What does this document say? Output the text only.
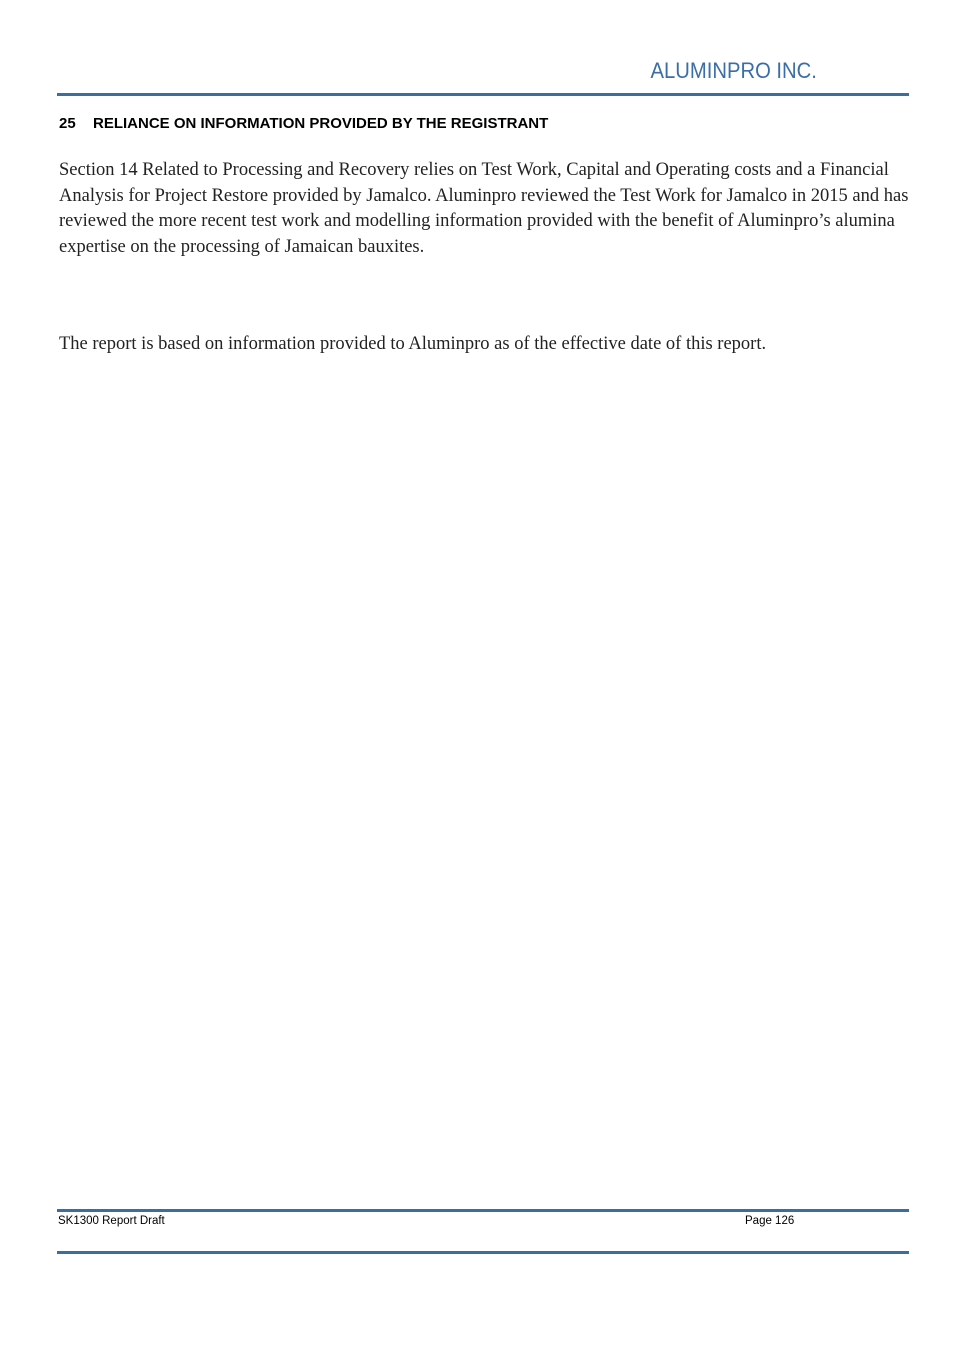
ALUMINPRO INC.
25 RELIANCE ON INFORMATION PROVIDED BY THE REGISTRANT

Section 14 Related to Processing and Recovery relies on Test Work, Capital and Operating costs and a Financial Analysis for Project Restore provided by Jamalco. Aluminpro reviewed the Test Work for Jamalco in 2015 and has reviewed the more recent test work and modelling information provided with the benefit of Aluminpro’s alumina expertise on the processing of Jamaican bauxites.

The report is based on information provided to Aluminpro as of the effective date of this report.

SK1300 Report Draft	Page 126
